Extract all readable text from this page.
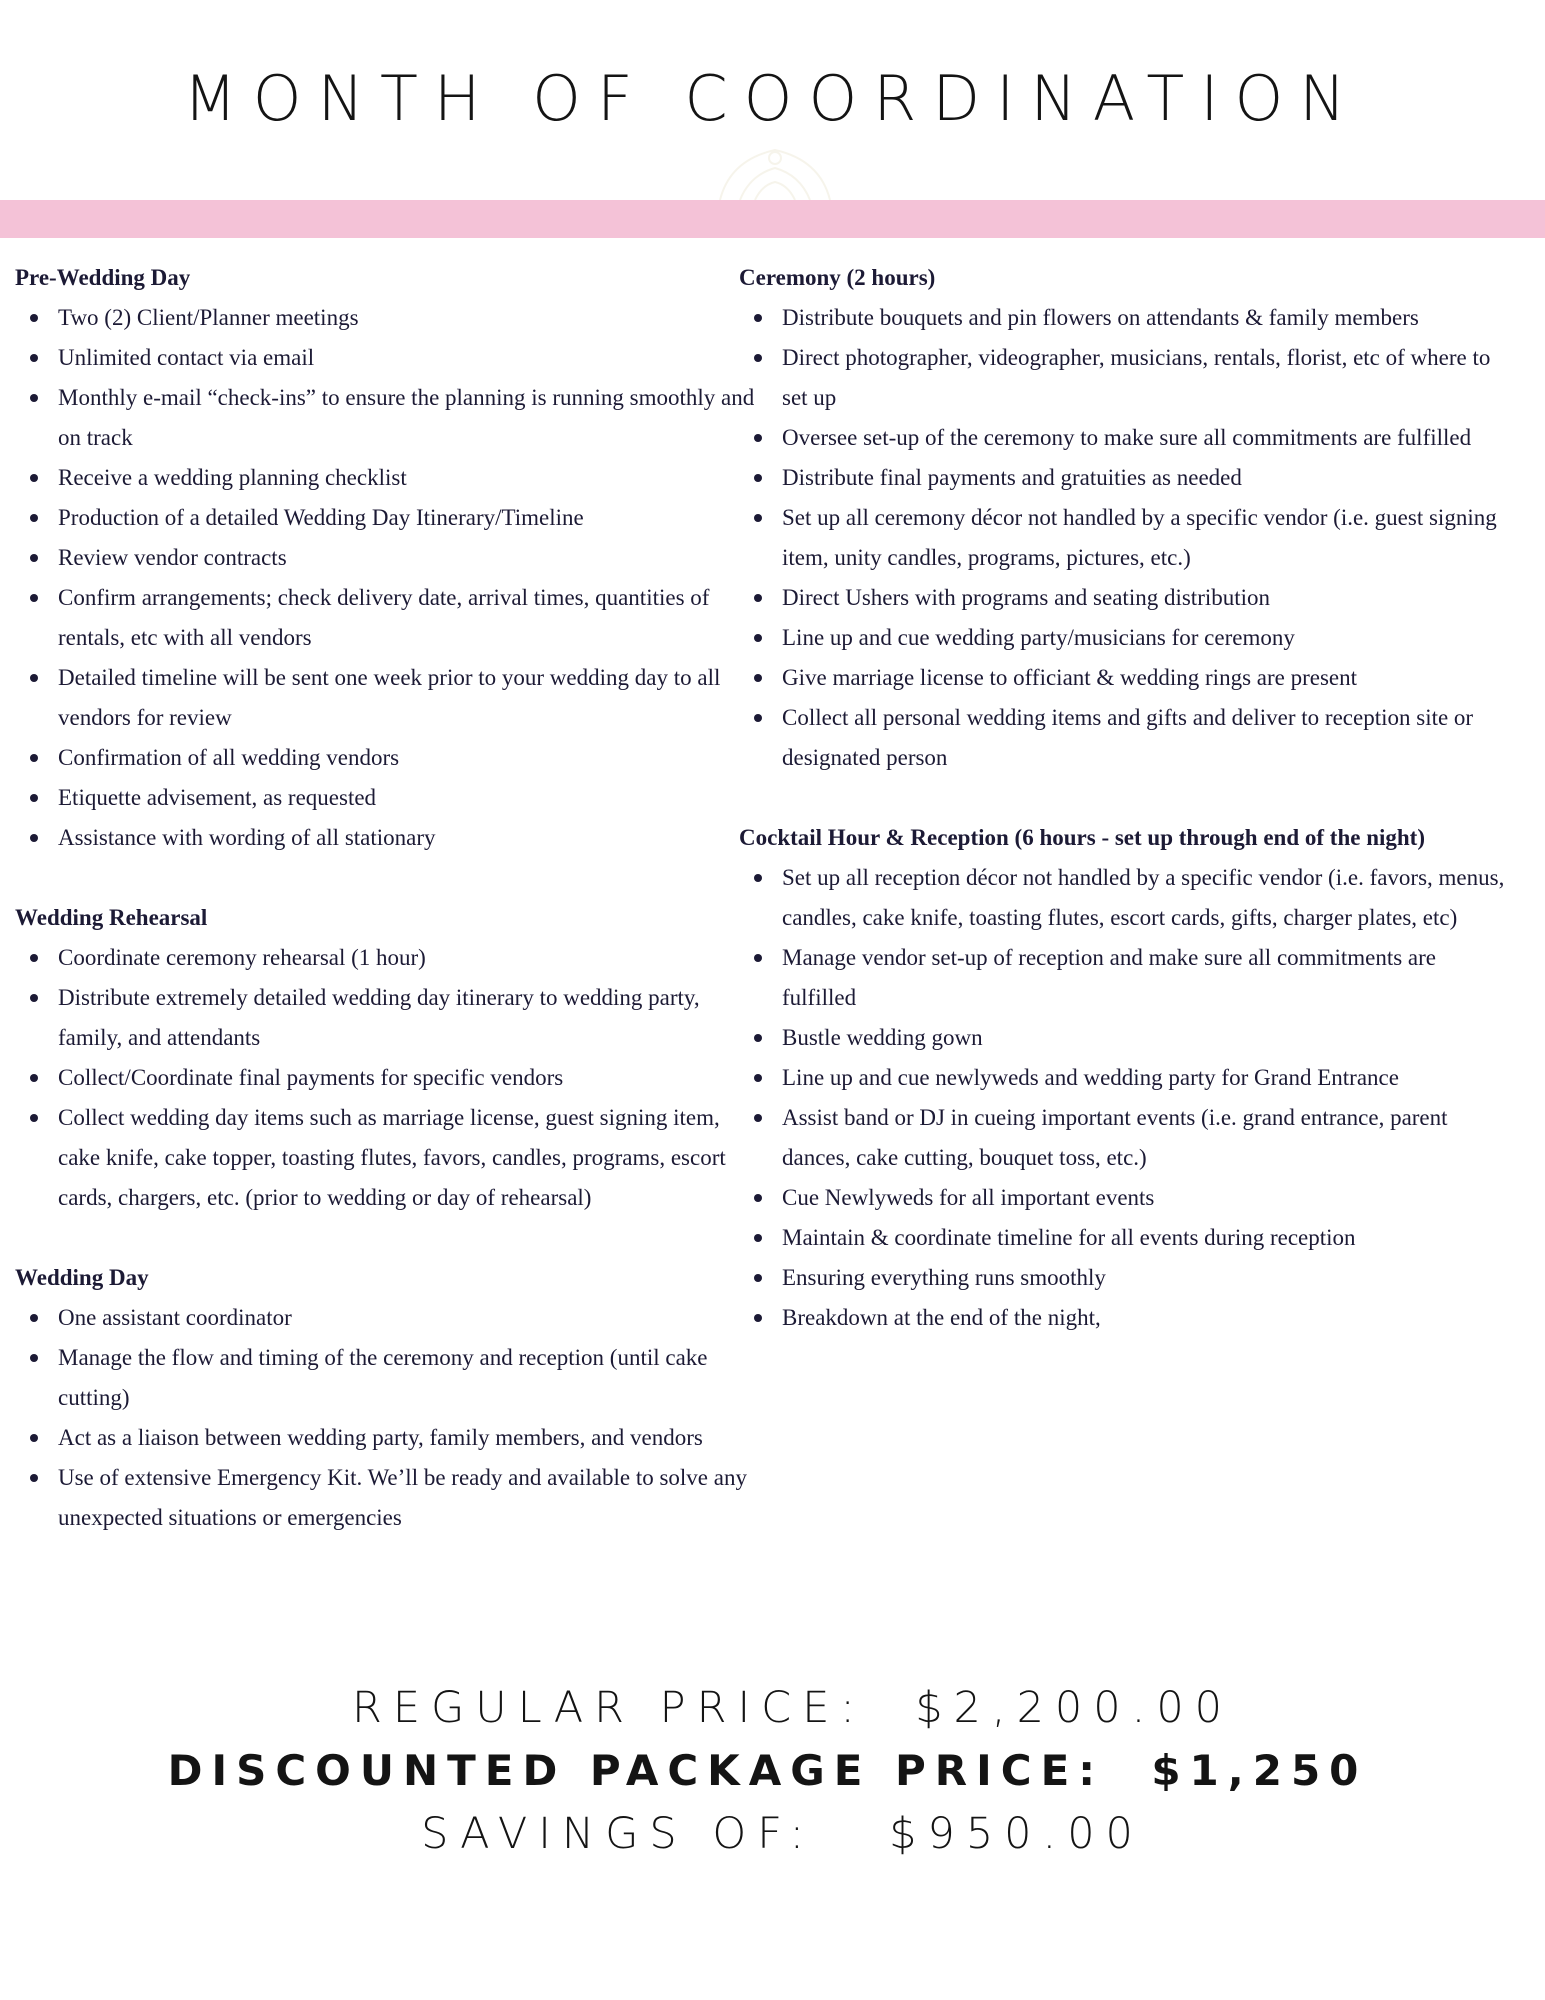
MONTH OF COORDINATION
Pre-Wedding Day
Two (2) Client/Planner meetings
Unlimited contact via email
Monthly e-mail “check-ins” to ensure the planning is running smoothly and on track
Receive a wedding planning checklist
Production of a detailed Wedding Day Itinerary/Timeline
Review vendor contracts
Confirm arrangements; check delivery date, arrival times, quantities of rentals, etc with all vendors
Detailed timeline will be sent one week prior to your wedding day to all vendors for review
Confirmation of all wedding vendors
Etiquette advisement, as requested
Assistance with wording of all stationary
Wedding Rehearsal
Coordinate ceremony rehearsal (1 hour)
Distribute extremely detailed wedding day itinerary to wedding party, family, and attendants
Collect/Coordinate final payments for specific vendors
Collect wedding day items such as marriage license, guest signing item, cake knife, cake topper, toasting flutes, favors, candles, programs, escort cards, chargers, etc. (prior to wedding or day of rehearsal)
Wedding Day
One assistant coordinator
Manage the flow and timing of the ceremony and reception (until cake cutting)
Act as a liaison between wedding party, family members, and vendors
Use of extensive Emergency Kit. We’ll be ready and available to solve any unexpected situations or emergencies
Ceremony (2 hours)
Distribute bouquets and pin flowers on attendants & family members
Direct photographer, videographer, musicians, rentals, florist, etc of where to set up
Oversee set-up of the ceremony to make sure all commitments are fulfilled
Distribute final payments and gratuities as needed
Set up all ceremony décor not handled by a specific vendor (i.e. guest signing item, unity candles, programs, pictures, etc.)
Direct Ushers with programs and seating distribution
Line up and cue wedding party/musicians for ceremony
Give marriage license to officiant & wedding rings are present
Collect all personal wedding items and gifts and deliver to reception site or designated person
Cocktail Hour & Reception (6 hours - set up through end of the night)
Set up all reception décor not handled by a specific vendor (i.e. favors, menus, candles, cake knife, toasting flutes, escort cards, gifts, charger plates, etc)
Manage vendor set-up of reception and make sure all commitments are fulfilled
Bustle wedding gown
Line up and cue newlyweds and wedding party for Grand Entrance
Assist band or DJ in cueing important events (i.e. grand entrance, parent dances, cake cutting, bouquet toss, etc.)
Cue Newlyweds for all important events
Maintain & coordinate timeline for all events during reception
Ensuring everything runs smoothly
Breakdown at the end of the night,
REGULAR PRICE:  $2,200.00
DISCOUNTED PACKAGE PRICE:  $1,250
SAVINGS OF:   $950.00
